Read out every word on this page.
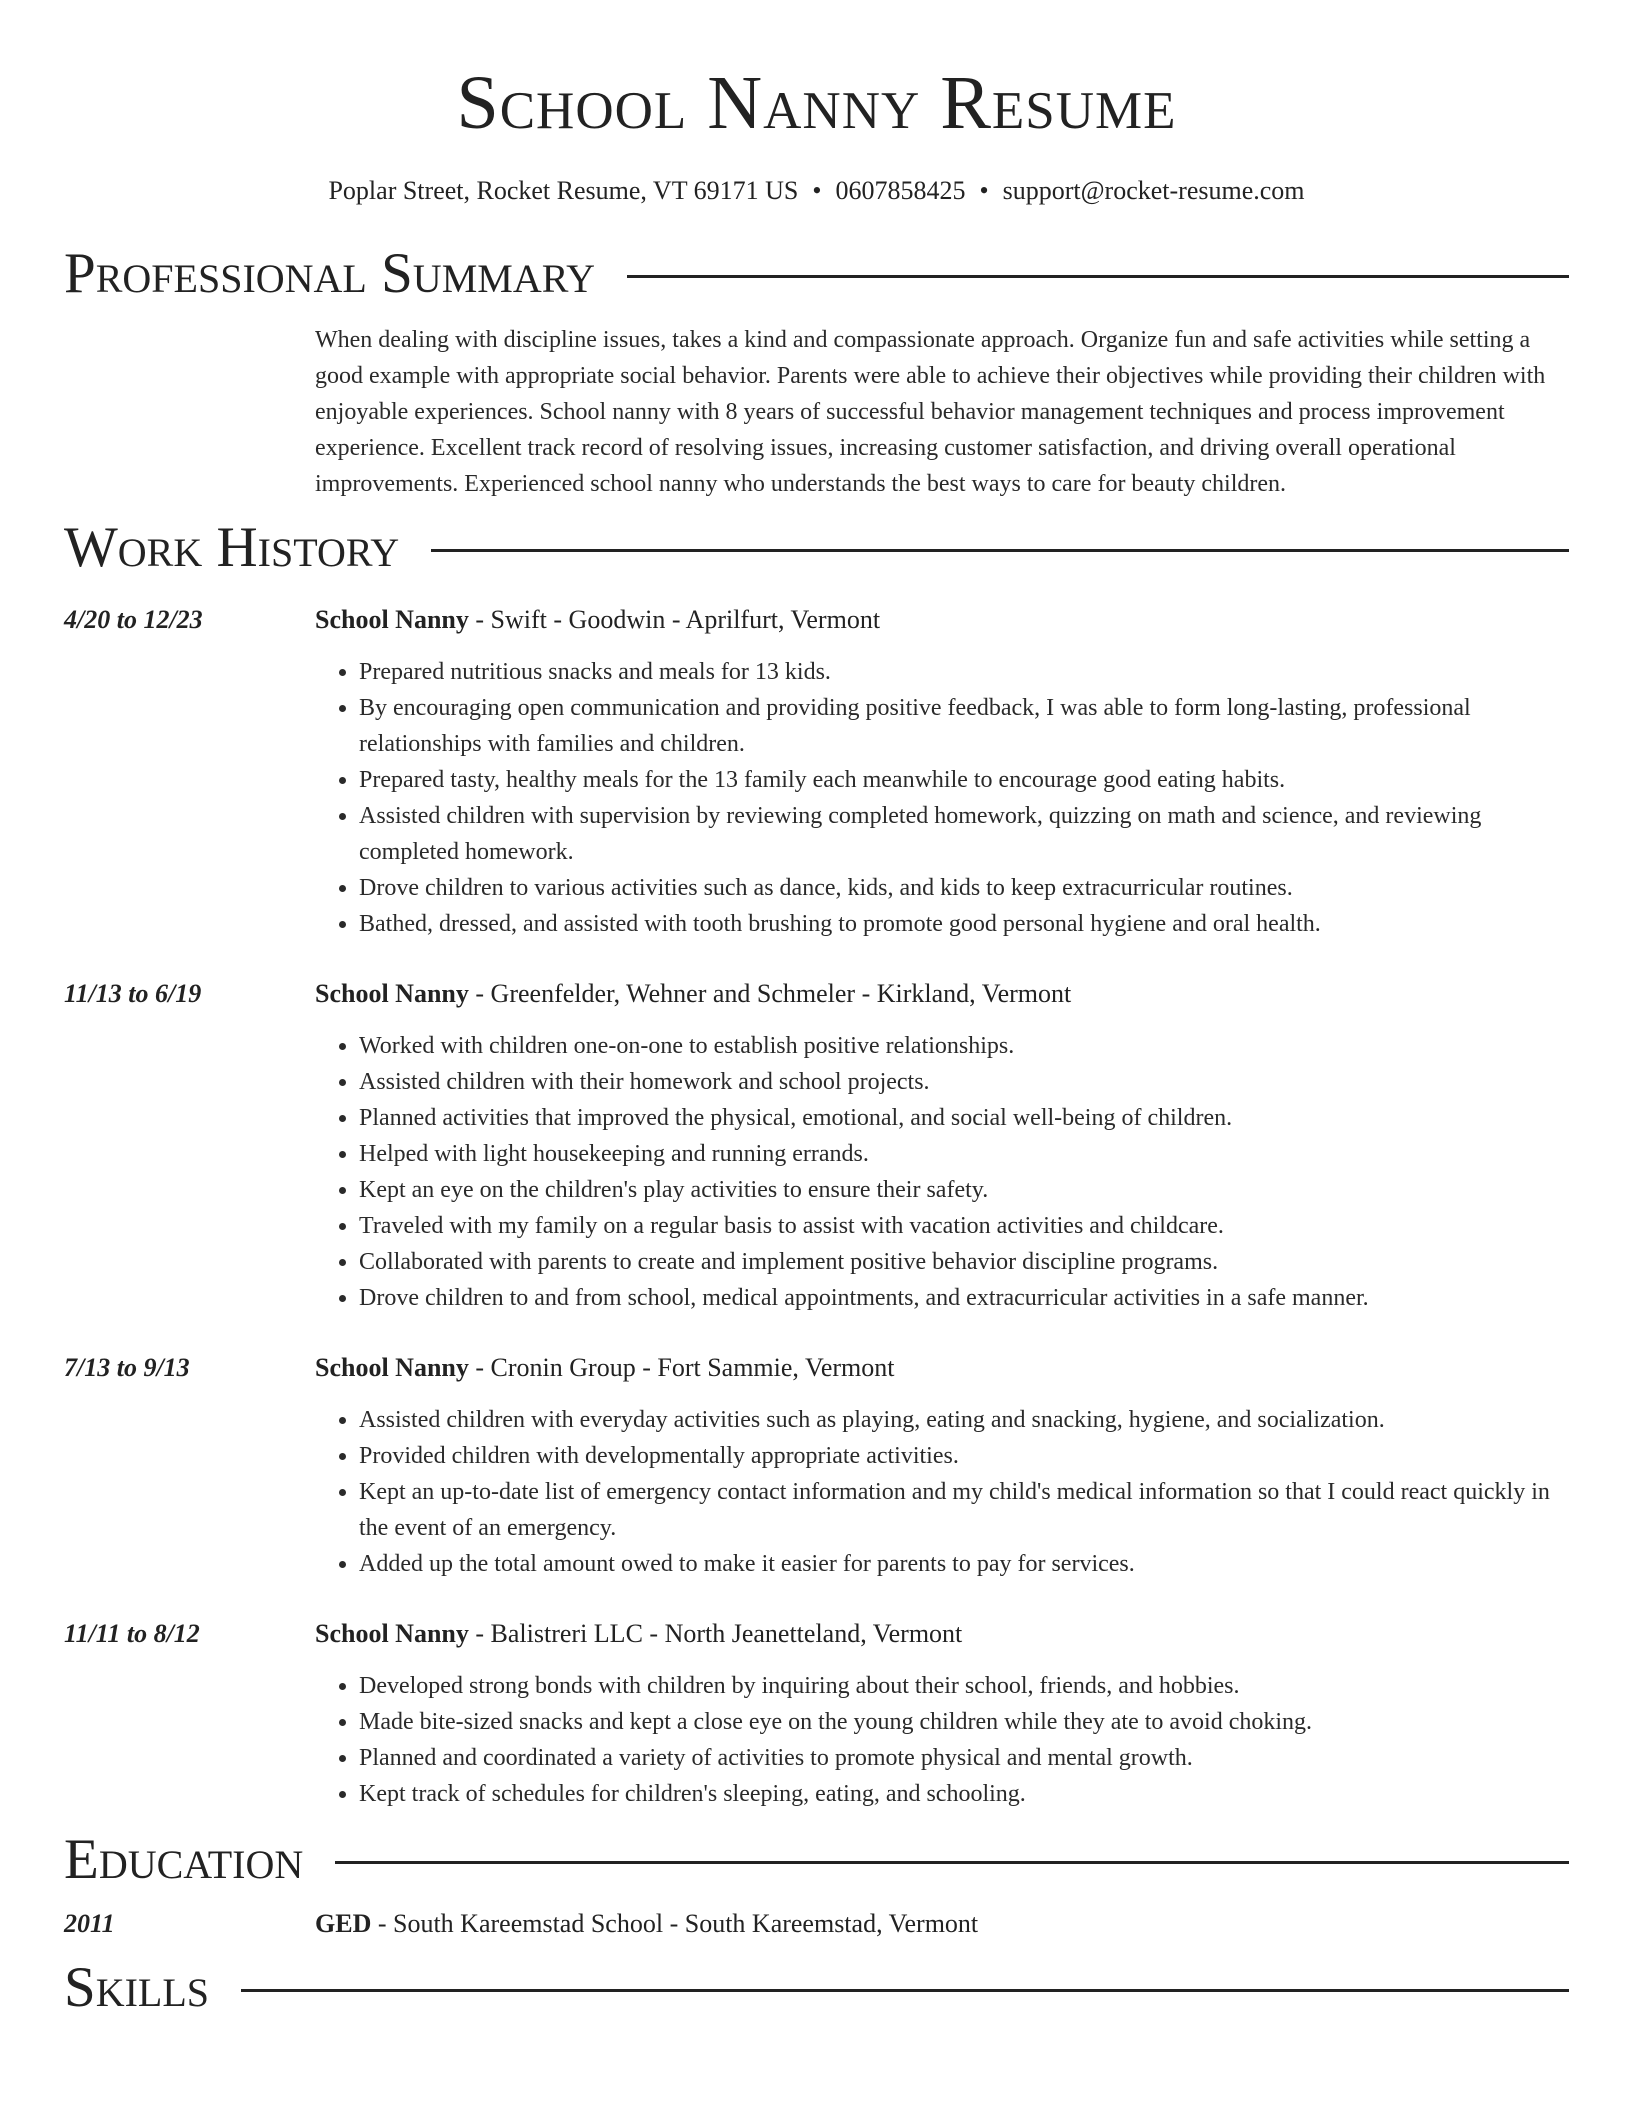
School Nanny Resume
Poplar Street, Rocket Resume, VT 69171 US • 0607858425 • support@rocket-resume.com
Professional Summary
When dealing with discipline issues, takes a kind and compassionate approach. Organize fun and safe activities while setting a good example with appropriate social behavior. Parents were able to achieve their objectives while providing their children with enjoyable experiences. School nanny with 8 years of successful behavior management techniques and process improvement experience. Excellent track record of resolving issues, increasing customer satisfaction, and driving overall operational improvements. Experienced school nanny who understands the best ways to care for beauty children.
Work History
4/20 to 12/23	School Nanny - Swift - Goodwin - Aprilfurt, Vermont
• Prepared nutritious snacks and meals for 13 kids.
• By encouraging open communication and providing positive feedback, I was able to form long-lasting, professional relationships with families and children.
• Prepared tasty, healthy meals for the 13 family each meanwhile to encourage good eating habits.
• Assisted children with supervision by reviewing completed homework, quizzing on math and science, and reviewing completed homework.
• Drove children to various activities such as dance, kids, and kids to keep extracurricular routines.
• Bathed, dressed, and assisted with tooth brushing to promote good personal hygiene and oral health.
11/13 to 6/19	School Nanny - Greenfelder, Wehner and Schmeler - Kirkland, Vermont
• Worked with children one-on-one to establish positive relationships.
• Assisted children with their homework and school projects.
• Planned activities that improved the physical, emotional, and social well-being of children.
• Helped with light housekeeping and running errands.
• Kept an eye on the children's play activities to ensure their safety.
• Traveled with my family on a regular basis to assist with vacation activities and childcare.
• Collaborated with parents to create and implement positive behavior discipline programs.
• Drove children to and from school, medical appointments, and extracurricular activities in a safe manner.
7/13 to 9/13	School Nanny - Cronin Group - Fort Sammie, Vermont
• Assisted children with everyday activities such as playing, eating and snacking, hygiene, and socialization.
• Provided children with developmentally appropriate activities.
• Kept an up-to-date list of emergency contact information and my child's medical information so that I could react quickly in the event of an emergency.
• Added up the total amount owed to make it easier for parents to pay for services.
11/11 to 8/12	School Nanny - Balistreri LLC - North Jeanetteland, Vermont
• Developed strong bonds with children by inquiring about their school, friends, and hobbies.
• Made bite-sized snacks and kept a close eye on the young children while they ate to avoid choking.
• Planned and coordinated a variety of activities to promote physical and mental growth.
• Kept track of schedules for children's sleeping, eating, and schooling.
Education
2011	GED - South Kareemstad School - South Kareemstad, Vermont
Skills
